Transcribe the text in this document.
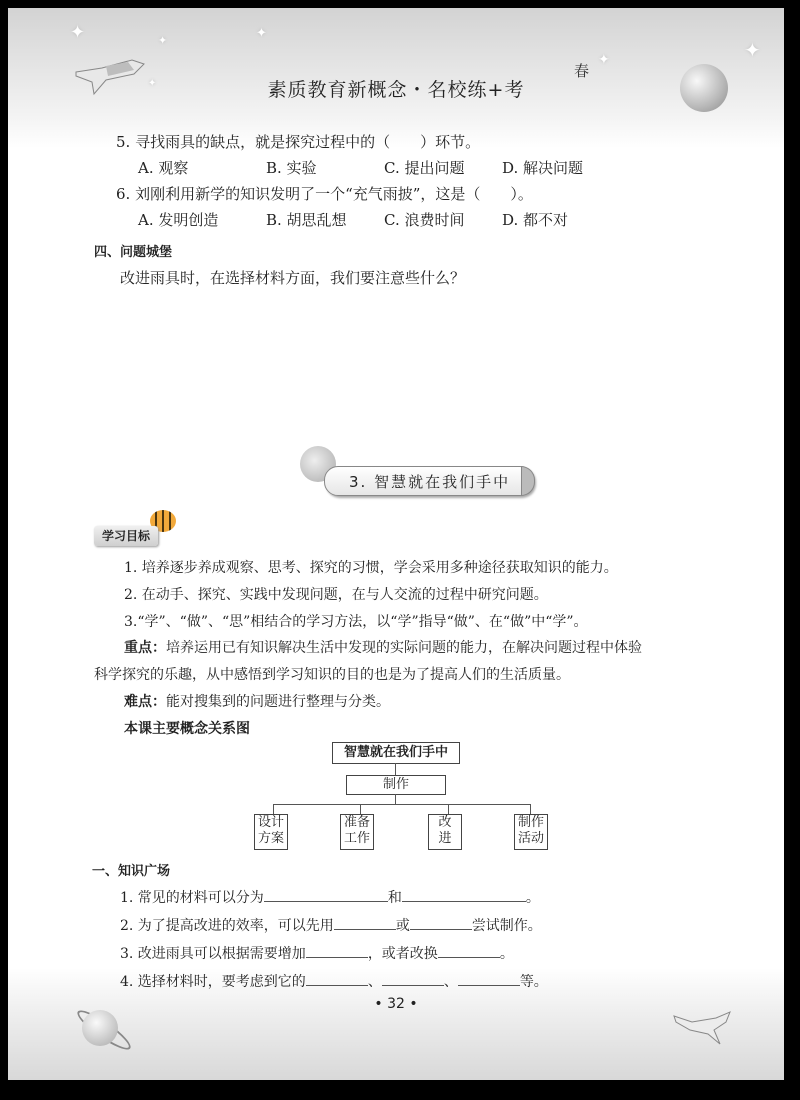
✦	✦	✦
✦
✦	✦
春
素质教育新概念・名校练+考
5. 寻找雨具的缺点，就是探究过程中的（　　）环节。
A. 观察	B. 实验	C. 提出问题	D. 解决问题
6. 刘刚利用新学的知识发明了一个“充气雨披”，这是（　　）。
A. 发明创造	B. 胡思乱想 C. 浪费时间	D. 都不对
四、问题城堡
改进雨具时，在选择材料方面，我们要注意些什么？
3. 智慧就在我们手中
学习目标
1. 培养逐步养成观察、思考、探究的习惯，学会采用多种途径获取知识的能力。
2. 在动手、探究、实践中发现问题，在与人交流的过程中研究问题。
3.“学”、“做”、“思”相结合的学习方法，以“学”指导“做”、在“做”中“学”。
重点：培养运用已有知识解决生活中发现的实际问题的能力，在解决问题过程中体验
科学探究的乐趣，从中感悟到学习知识的目的也是为了提高人们的生活质量。
难点：能对搜集到的问题进行整理与分类。
本课主要概念关系图
智慧就在我们手中
制作
设计
方案
准备
工作
改
进
制作
活动
一、知识广场
1. 常见的材料可以分为	和	。
2. 为了提高改进的效率，可以先用	或	尝试制作。
3. 改进雨具可以根据需要增加	，或者改换	。
4. 选择材料时，要考虑到它的	、	、	等。
• 32 •
